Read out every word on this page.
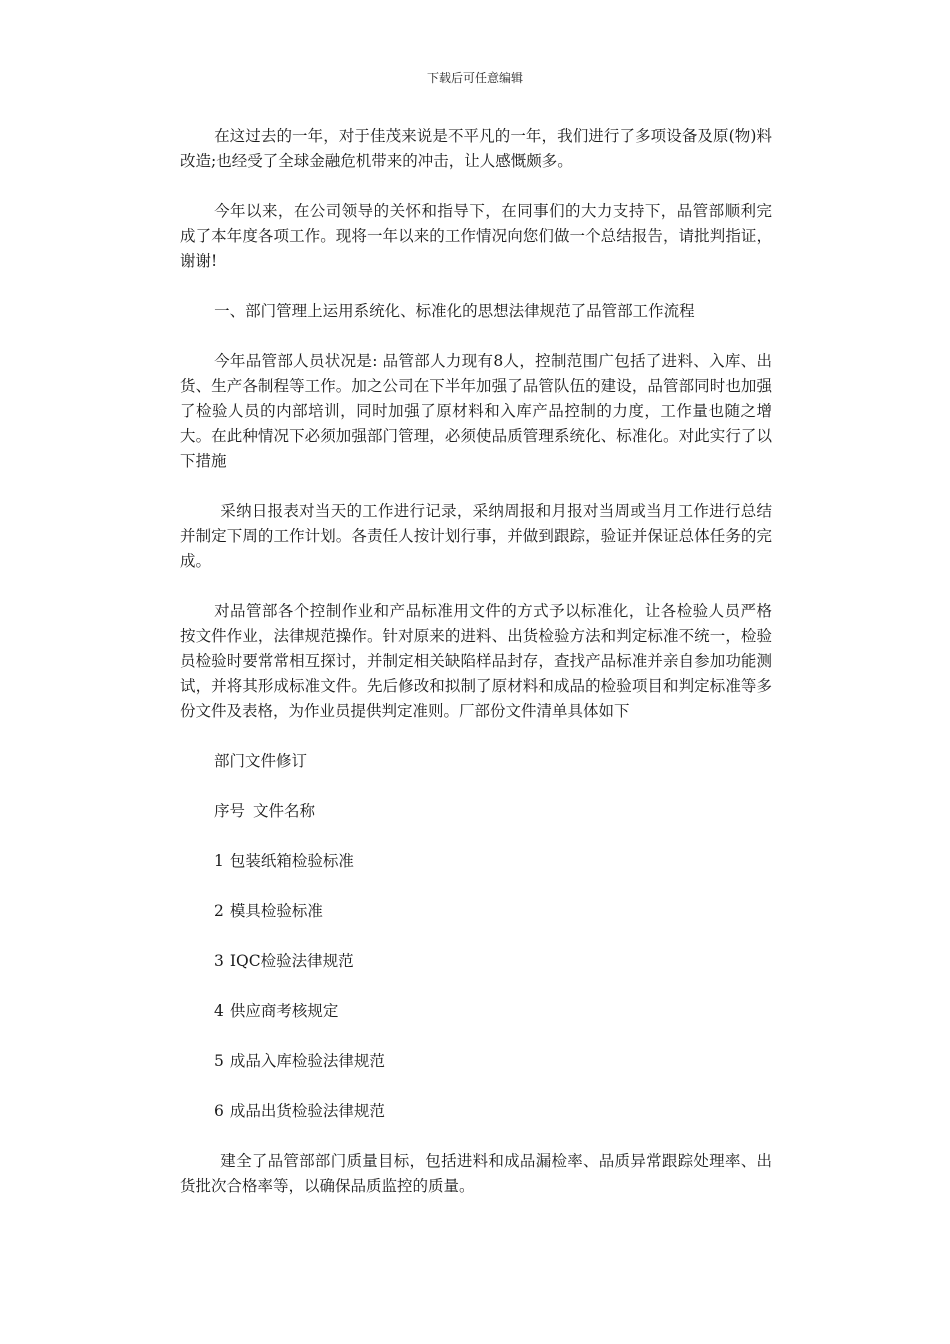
下载后可任意编辑

在这过去的一年，对于佳茂来说是不平凡的一年，我们进行了多项设备及原(物)料改造;也经受了全球金融危机带来的冲击，让人感慨颇多。

今年以来，在公司领导的关怀和指导下，在同事们的大力支持下，品管部顺利完成了本年度各项工作。现将一年以来的工作情况向您们做一个总结报告，请批判指证，谢谢!

一、部门管理上运用系统化、标准化的思想法律规范了品管部工作流程

今年品管部人员状况是: 品管部人力现有8人，控制范围广包括了进料、入库、出货、生产各制程等工作。加之公司在下半年加强了品管队伍的建设，品管部同时也加强了检验人员的内部培训，同时加强了原材料和入库产品控制的力度，工作量也随之增大。在此种情况下必须加强部门管理，必须使品质管理系统化、标准化。对此实行了以下措施

采纳日报表对当天的工作进行记录，采纳周报和月报对当周或当月工作进行总结并制定下周的工作计划。各责任人按计划行事，并做到跟踪，验证并保证总体任务的完成。

对品管部各个控制作业和产品标准用文件的方式予以标准化，让各检验人员严格按文件作业，法律规范操作。针对原来的进料、出货检验方法和判定标准不统一，检验员检验时要常常相互探讨，并制定相关缺陷样品封存，查找产品标准并亲自参加功能测试，并将其形成标准文件。先后修改和拟制了原材料和成品的检验项目和判定标准等多份文件及表格，为作业员提供判定准则。厂部份文件清单具体如下

部门文件修订
序号 文件名称
1 包装纸箱检验标准
2 模具检验标准
3 IQC检验法律规范
4 供应商考核规定
5 成品入库检验法律规范
6 成品出货检验法律规范

建全了品管部部门质量目标，包括进料和成品漏检率、品质异常跟踪处理率、出货批次合格率等，以确保品质监控的质量。
